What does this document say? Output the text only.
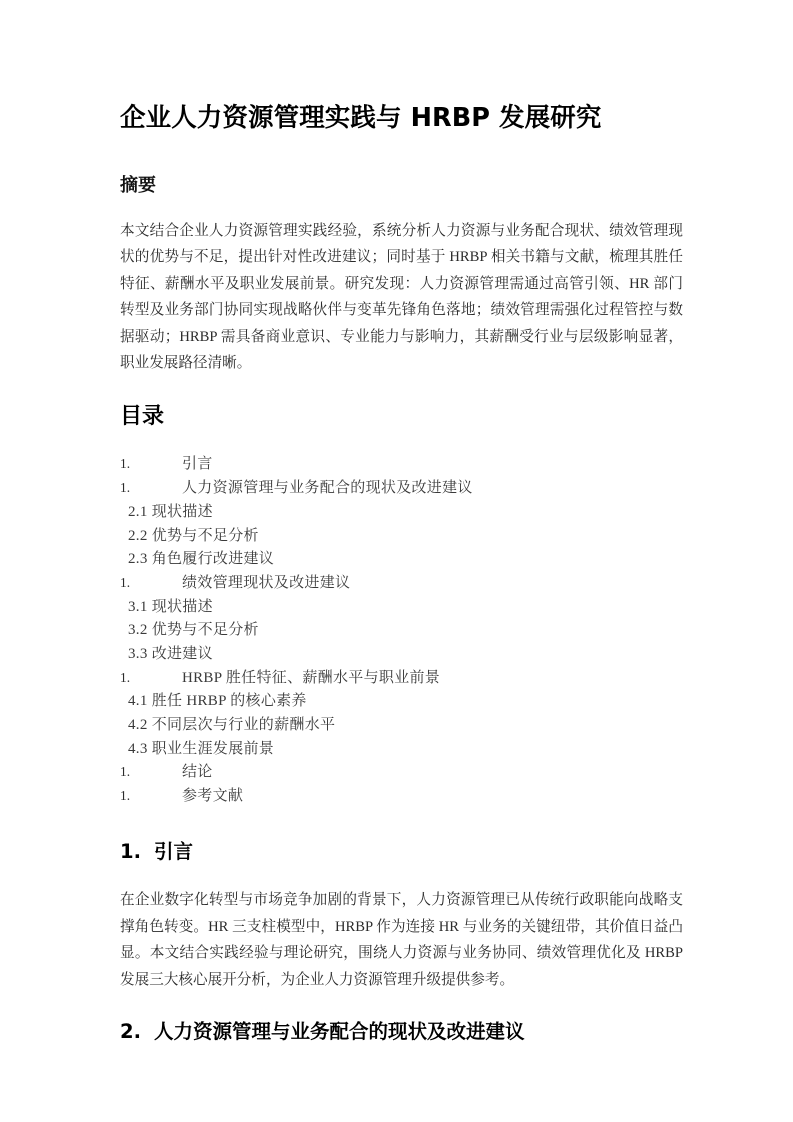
企业人力资源管理实践与 HRBP 发展研究
摘要

本文结合企业人力资源管理实践经验，系统分析人力资源与业务配合现状、绩效管理现状的优势与不足，提出针对性改进建议；同时基于 HRBP 相关书籍与文献，梳理其胜任特征、薪酬水平及职业发展前景。研究发现：人力资源管理需通过高管引领、HR 部门转型及业务部门协同实现战略伙伴与变革先锋角色落地；绩效管理需强化过程管控与数据驱动；HRBP 需具备商业意识、专业能力与影响力，其薪酬受行业与层级影响显著，职业发展路径清晰。

目录
1.	引言
1.	人力资源管理与业务配合的现状及改进建议
2.1 现状描述
2.2 优势与不足分析
2.3 角色履行改进建议
1.	绩效管理现状及改进建议
3.1 现状描述
3.2 优势与不足分析
3.3 改进建议
1.	HRBP 胜任特征、薪酬水平与职业前景
4.1 胜任 HRBP 的核心素养
4.2 不同层次与行业的薪酬水平
4.3 职业生涯发展前景
1.	结论
1.	参考文献
1. 引言

在企业数字化转型与市场竞争加剧的背景下，人力资源管理已从传统行政职能向战略支撑角色转变。HR 三支柱模型中，HRBP 作为连接 HR 与业务的关键纽带，其价值日益凸显。本文结合实践经验与理论研究，围绕人力资源与业务协同、绩效管理优化及 HRBP 发展三大核心展开分析，为企业人力资源管理升级提供参考。

2. 人力资源管理与业务配合的现状及改进建议
